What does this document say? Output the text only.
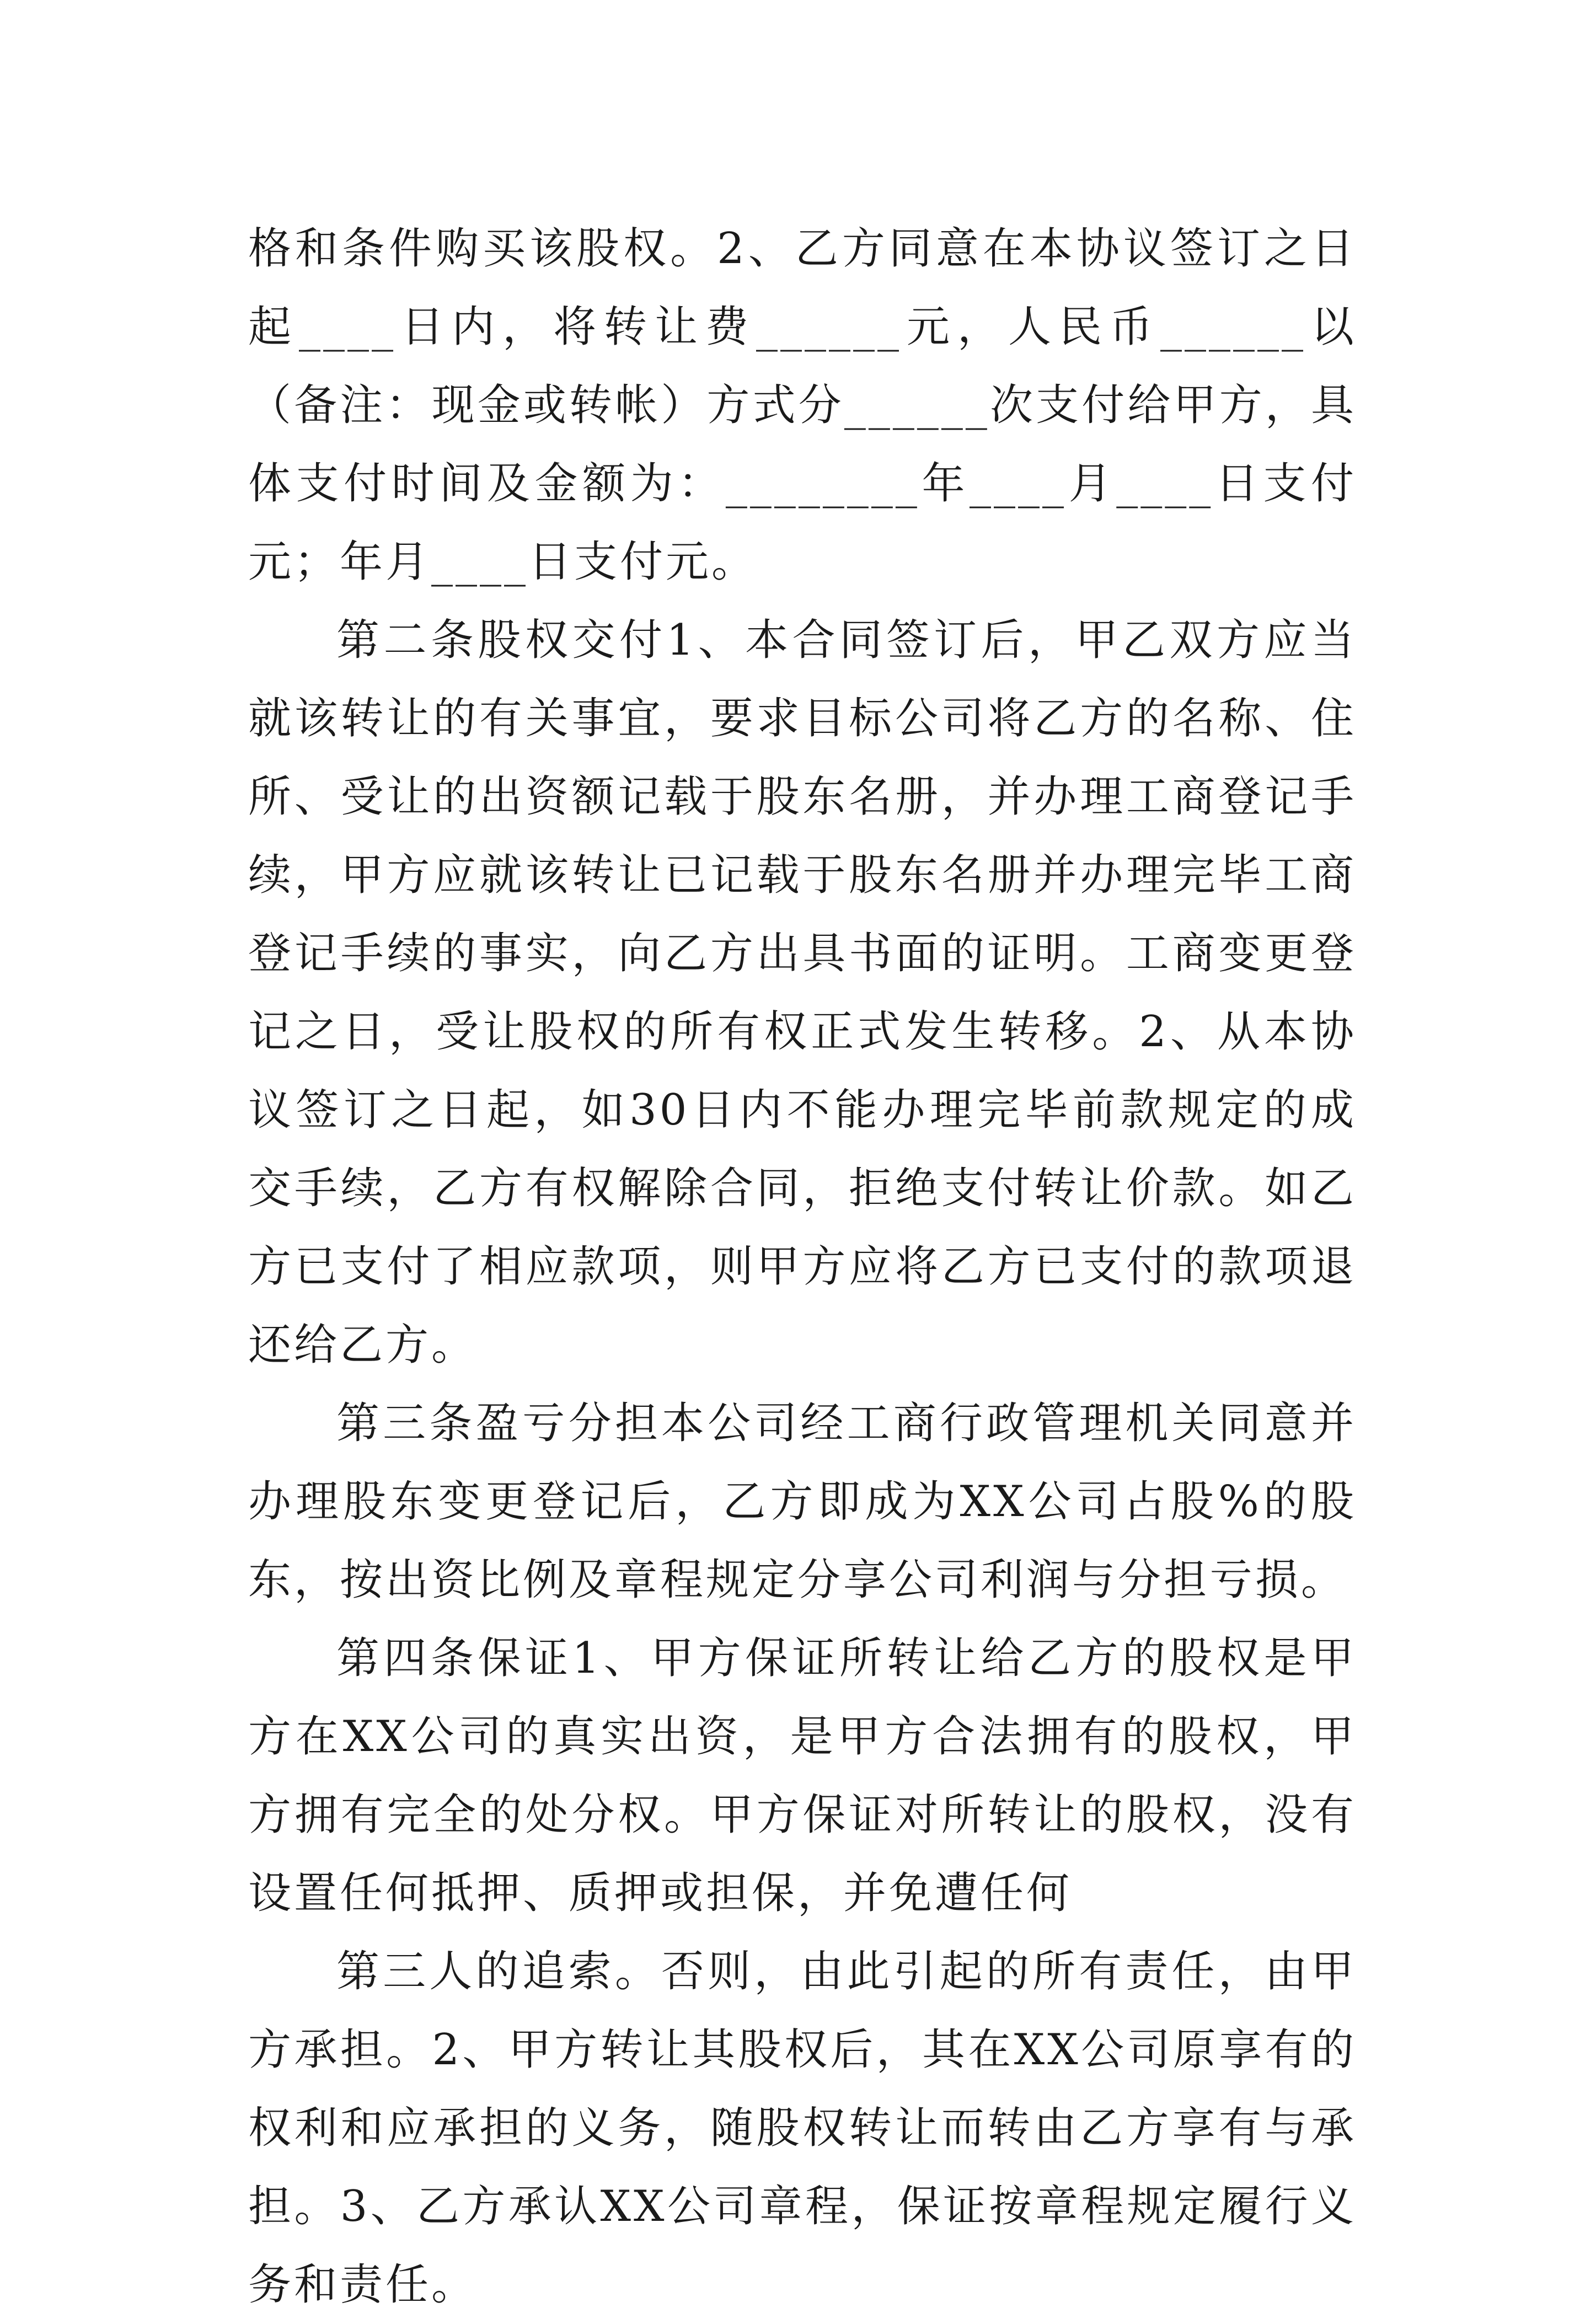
格和条件购买该股权。2、乙方同意在本协议签订之日起____日内，将转让费______元，人民币______以（备注：现金或转帐）方式分______次支付给甲方，具体支付时间及金额为：________年____月____日支付元；年月____日支付元。

第二条股权交付1、本合同签订后，甲乙双方应当就该转让的有关事宜，要求目标公司将乙方的名称、住所、受让的出资额记载于股东名册，并办理工商登记手续，甲方应就该转让已记载于股东名册并办理完毕工商登记手续的事实，向乙方出具书面的证明。工商变更登记之日，受让股权的所有权正式发生转移。2、从本协议签订之日起，如30日内不能办理完毕前款规定的成交手续，乙方有权解除合同，拒绝支付转让价款。如乙方已支付了相应款项，则甲方应将乙方已支付的款项退还给乙方。

第三条盈亏分担本公司经工商行政管理机关同意并办理股东变更登记后，乙方即成为XX公司占股%的股东，按出资比例及章程规定分享公司利润与分担亏损。

第四条保证1、甲方保证所转让给乙方的股权是甲方在XX公司的真实出资，是甲方合法拥有的股权，甲方拥有完全的处分权。甲方保证对所转让的股权，没有设置任何抵押、质押或担保，并免遭任何

第三人的追索。否则，由此引起的所有责任，由甲方承担。2、甲方转让其股权后，其在XX公司原享有的权利和应承担的义务，随股权转让而转由乙方享有与承担。3、乙方承认XX公司章程，保证按章程规定履行义务和责任。
